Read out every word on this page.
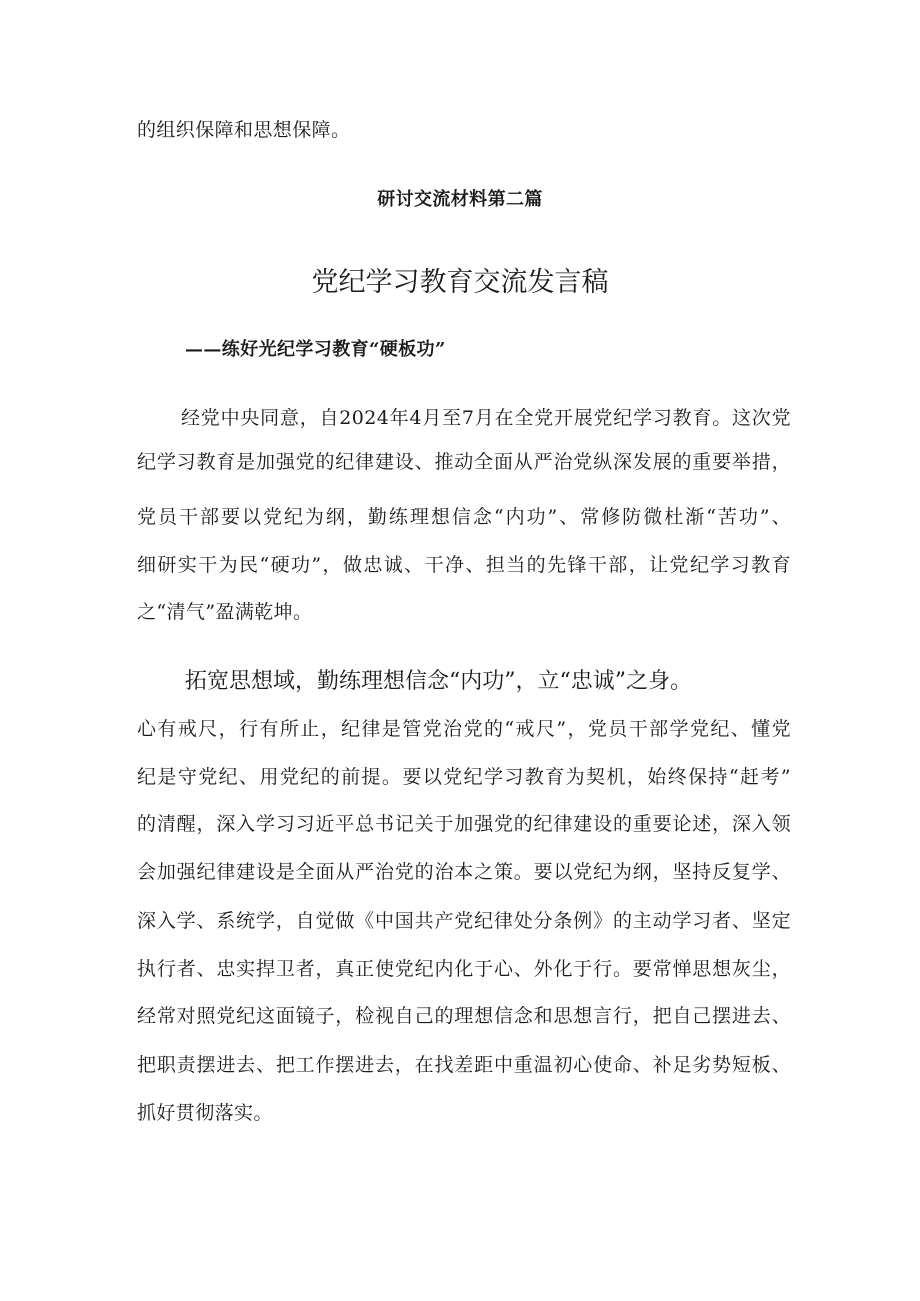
的组织保障和思想保障。
研讨交流材料第二篇
党纪学习教育交流发言稿
——练好光纪学习教育“硬板功”
经党中央同意，自2024年4月至7月在全党开展党纪学习教育。这次党
纪学习教育是加强党的纪律建设、推动全面从严治党纵深发展的重要举措，
党员干部要以党纪为纲，勤练理想信念“内功”、常修防微杜渐“苦功”、
细研实干为民“硬功”，做忠诚、干净、担当的先锋干部，让党纪学习教育
之“清气”盈满乾坤。
拓宽思想域，勤练理想信念“内功”，立“忠诚”之身。
心有戒尺，行有所止，纪律是管党治党的“戒尺”，党员干部学党纪、懂党
纪是守党纪、用党纪的前提。要以党纪学习教育为契机，始终保持“赶考”
的清醒，深入学习习近平总书记关于加强党的纪律建设的重要论述，深入领
会加强纪律建设是全面从严治党的治本之策。要以党纪为纲，坚持反复学、
深入学、系统学，自觉做《中国共产党纪律处分条例》的主动学习者、坚定
执行者、忠实捍卫者，真正使党纪内化于心、外化于行。要常惮思想灰尘，
经常对照党纪这面镜子，检视自己的理想信念和思想言行，把自己摆进去、
把职责摆进去、把工作摆进去，在找差距中重温初心使命、补足劣势短板、
抓好贯彻落实。
